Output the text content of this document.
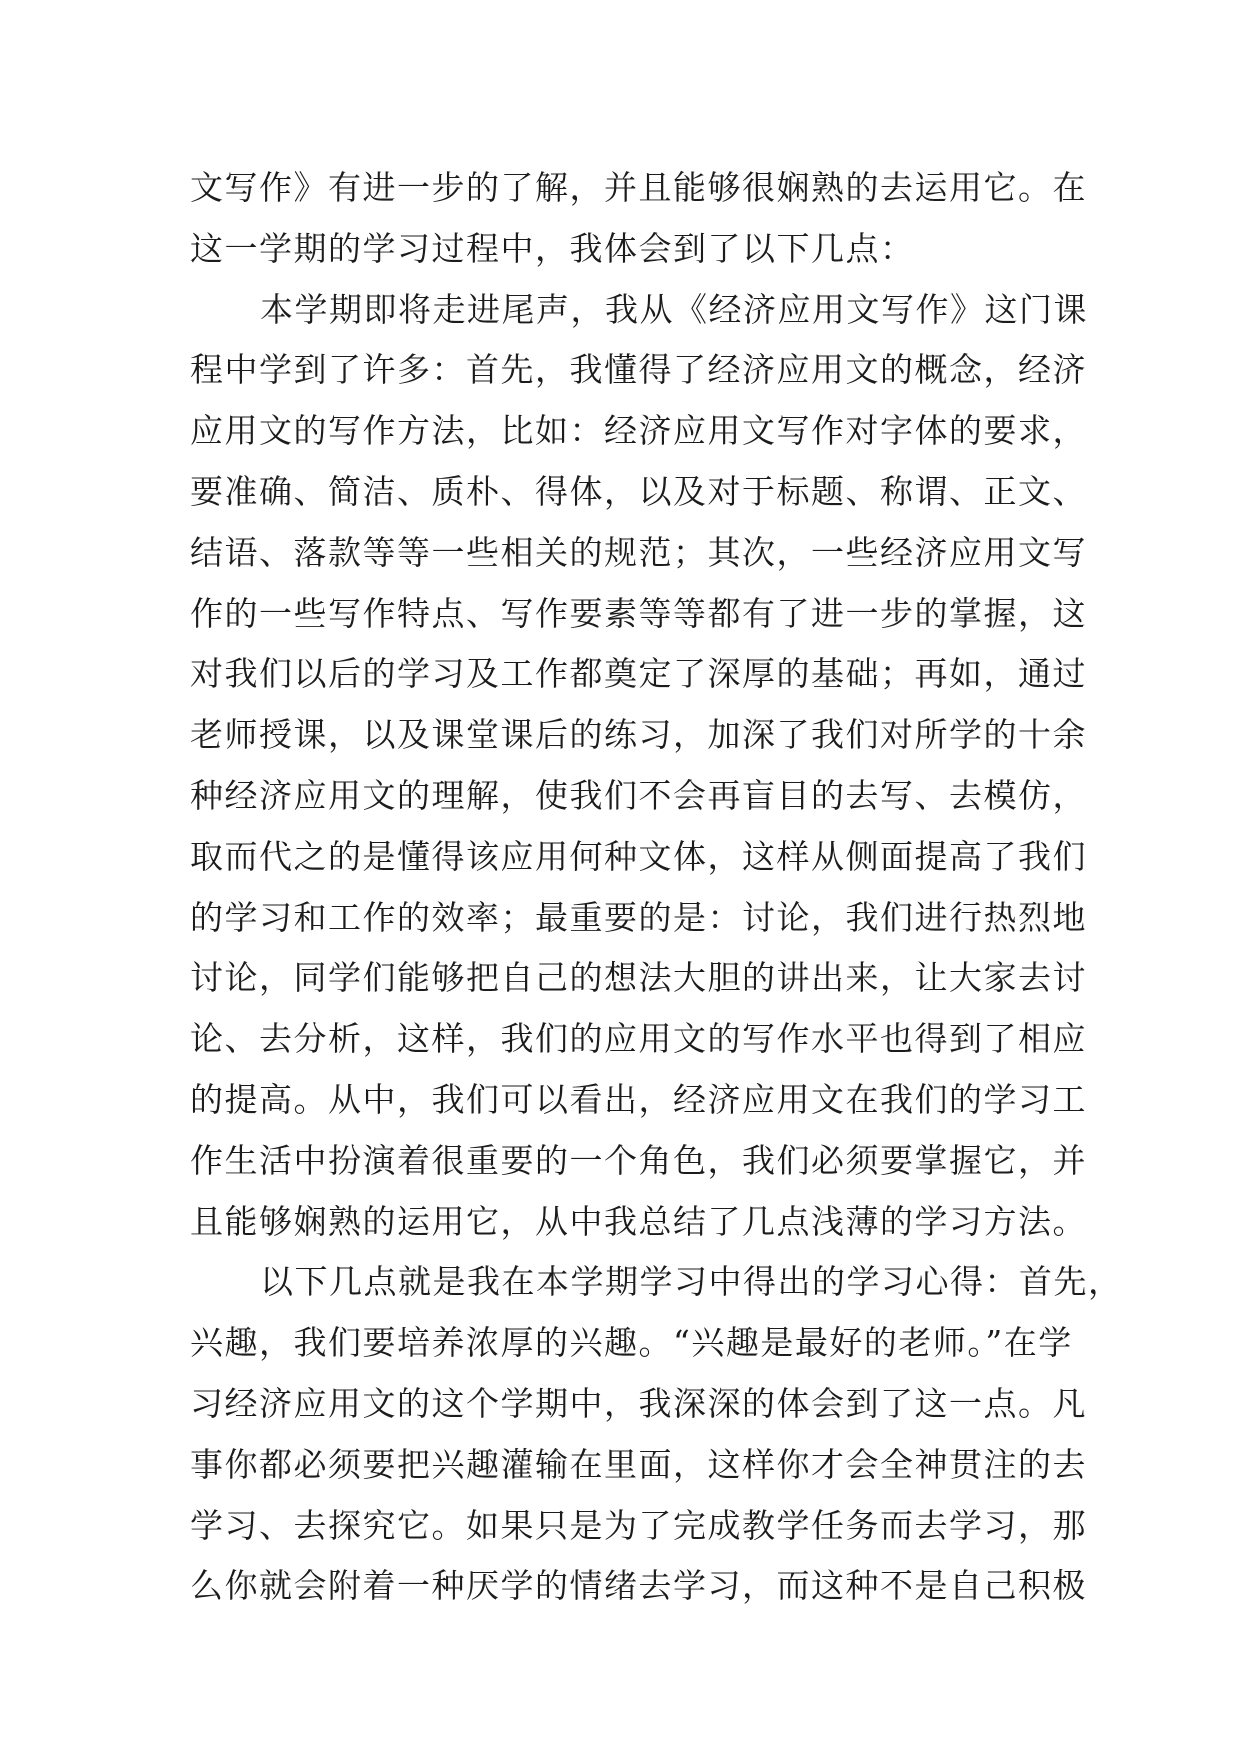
文写作》有进一步的了解，并且能够很娴熟的去运用它。在
这一学期的学习过程中，我体会到了以下几点：
本学期即将走进尾声，我从《经济应用文写作》这门课
程中学到了许多：首先，我懂得了经济应用文的概念，经济
应用文的写作方法，比如：经济应用文写作对字体的要求，
要准确、简洁、质朴、得体，以及对于标题、称谓、正文、
结语、落款等等一些相关的规范；其次，一些经济应用文写
作的一些写作特点、写作要素等等都有了进一步的掌握，这
对我们以后的学习及工作都奠定了深厚的基础；再如，通过
老师授课，以及课堂课后的练习，加深了我们对所学的十余
种经济应用文的理解，使我们不会再盲目的去写、去模仿，
取而代之的是懂得该应用何种文体，这样从侧面提高了我们
的学习和工作的效率；最重要的是：讨论，我们进行热烈地
讨论，同学们能够把自己的想法大胆的讲出来，让大家去讨
论、去分析，这样，我们的应用文的写作水平也得到了相应
的提高。从中，我们可以看出，经济应用文在我们的学习工
作生活中扮演着很重要的一个角色，我们必须要掌握它，并
且能够娴熟的运用它，从中我总结了几点浅薄的学习方法。
以下几点就是我在本学期学习中得出的学习心得：首先，
兴趣，我们要培养浓厚的兴趣。“兴趣是最好的老师。”在学
习经济应用文的这个学期中，我深深的体会到了这一点。凡
事你都必须要把兴趣灌输在里面，这样你才会全神贯注的去
学习、去探究它。如果只是为了完成教学任务而去学习，那
么你就会附着一种厌学的情绪去学习，而这种不是自己积极
